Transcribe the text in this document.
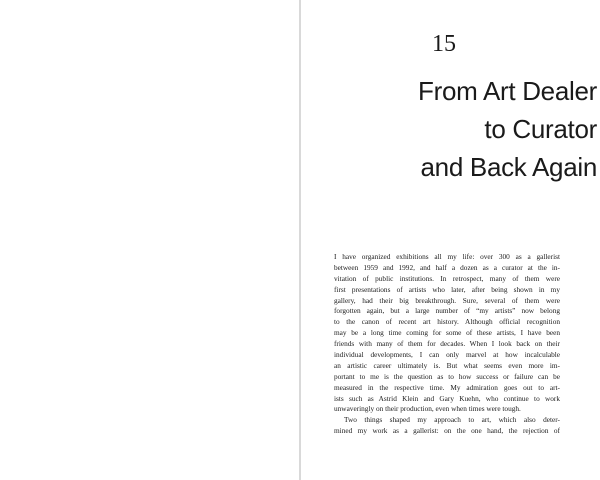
15
From Art Dealer
to Curator
and Back Again
I have organized exhibitions all my life: over 300 as a gallerist
between 1959 and 1992, and half a dozen as a curator at the in-
vitation of public institutions. In retrospect, many of them were
first presentations of artists who later, after being shown in my
gallery, had their big breakthrough. Sure, several of them were
forgotten again, but a large number of “my artists” now belong
to the canon of recent art history. Although official recognition
may be a long time coming for some of these artists, I have been
friends with many of them for decades. When I look back on their
individual developments, I can only marvel at how incalculable
an artistic career ultimately is. But what seems even more im-
portant to me is the question as to how success or failure can be
measured in the respective time. My admiration goes out to art-
ists such as Astrid Klein and Gary Kuehn, who continue to work
unwaveringly on their production, even when times were tough.
Two things shaped my approach to art, which also deter-
mined my work as a gallerist: on the one hand, the rejection of
